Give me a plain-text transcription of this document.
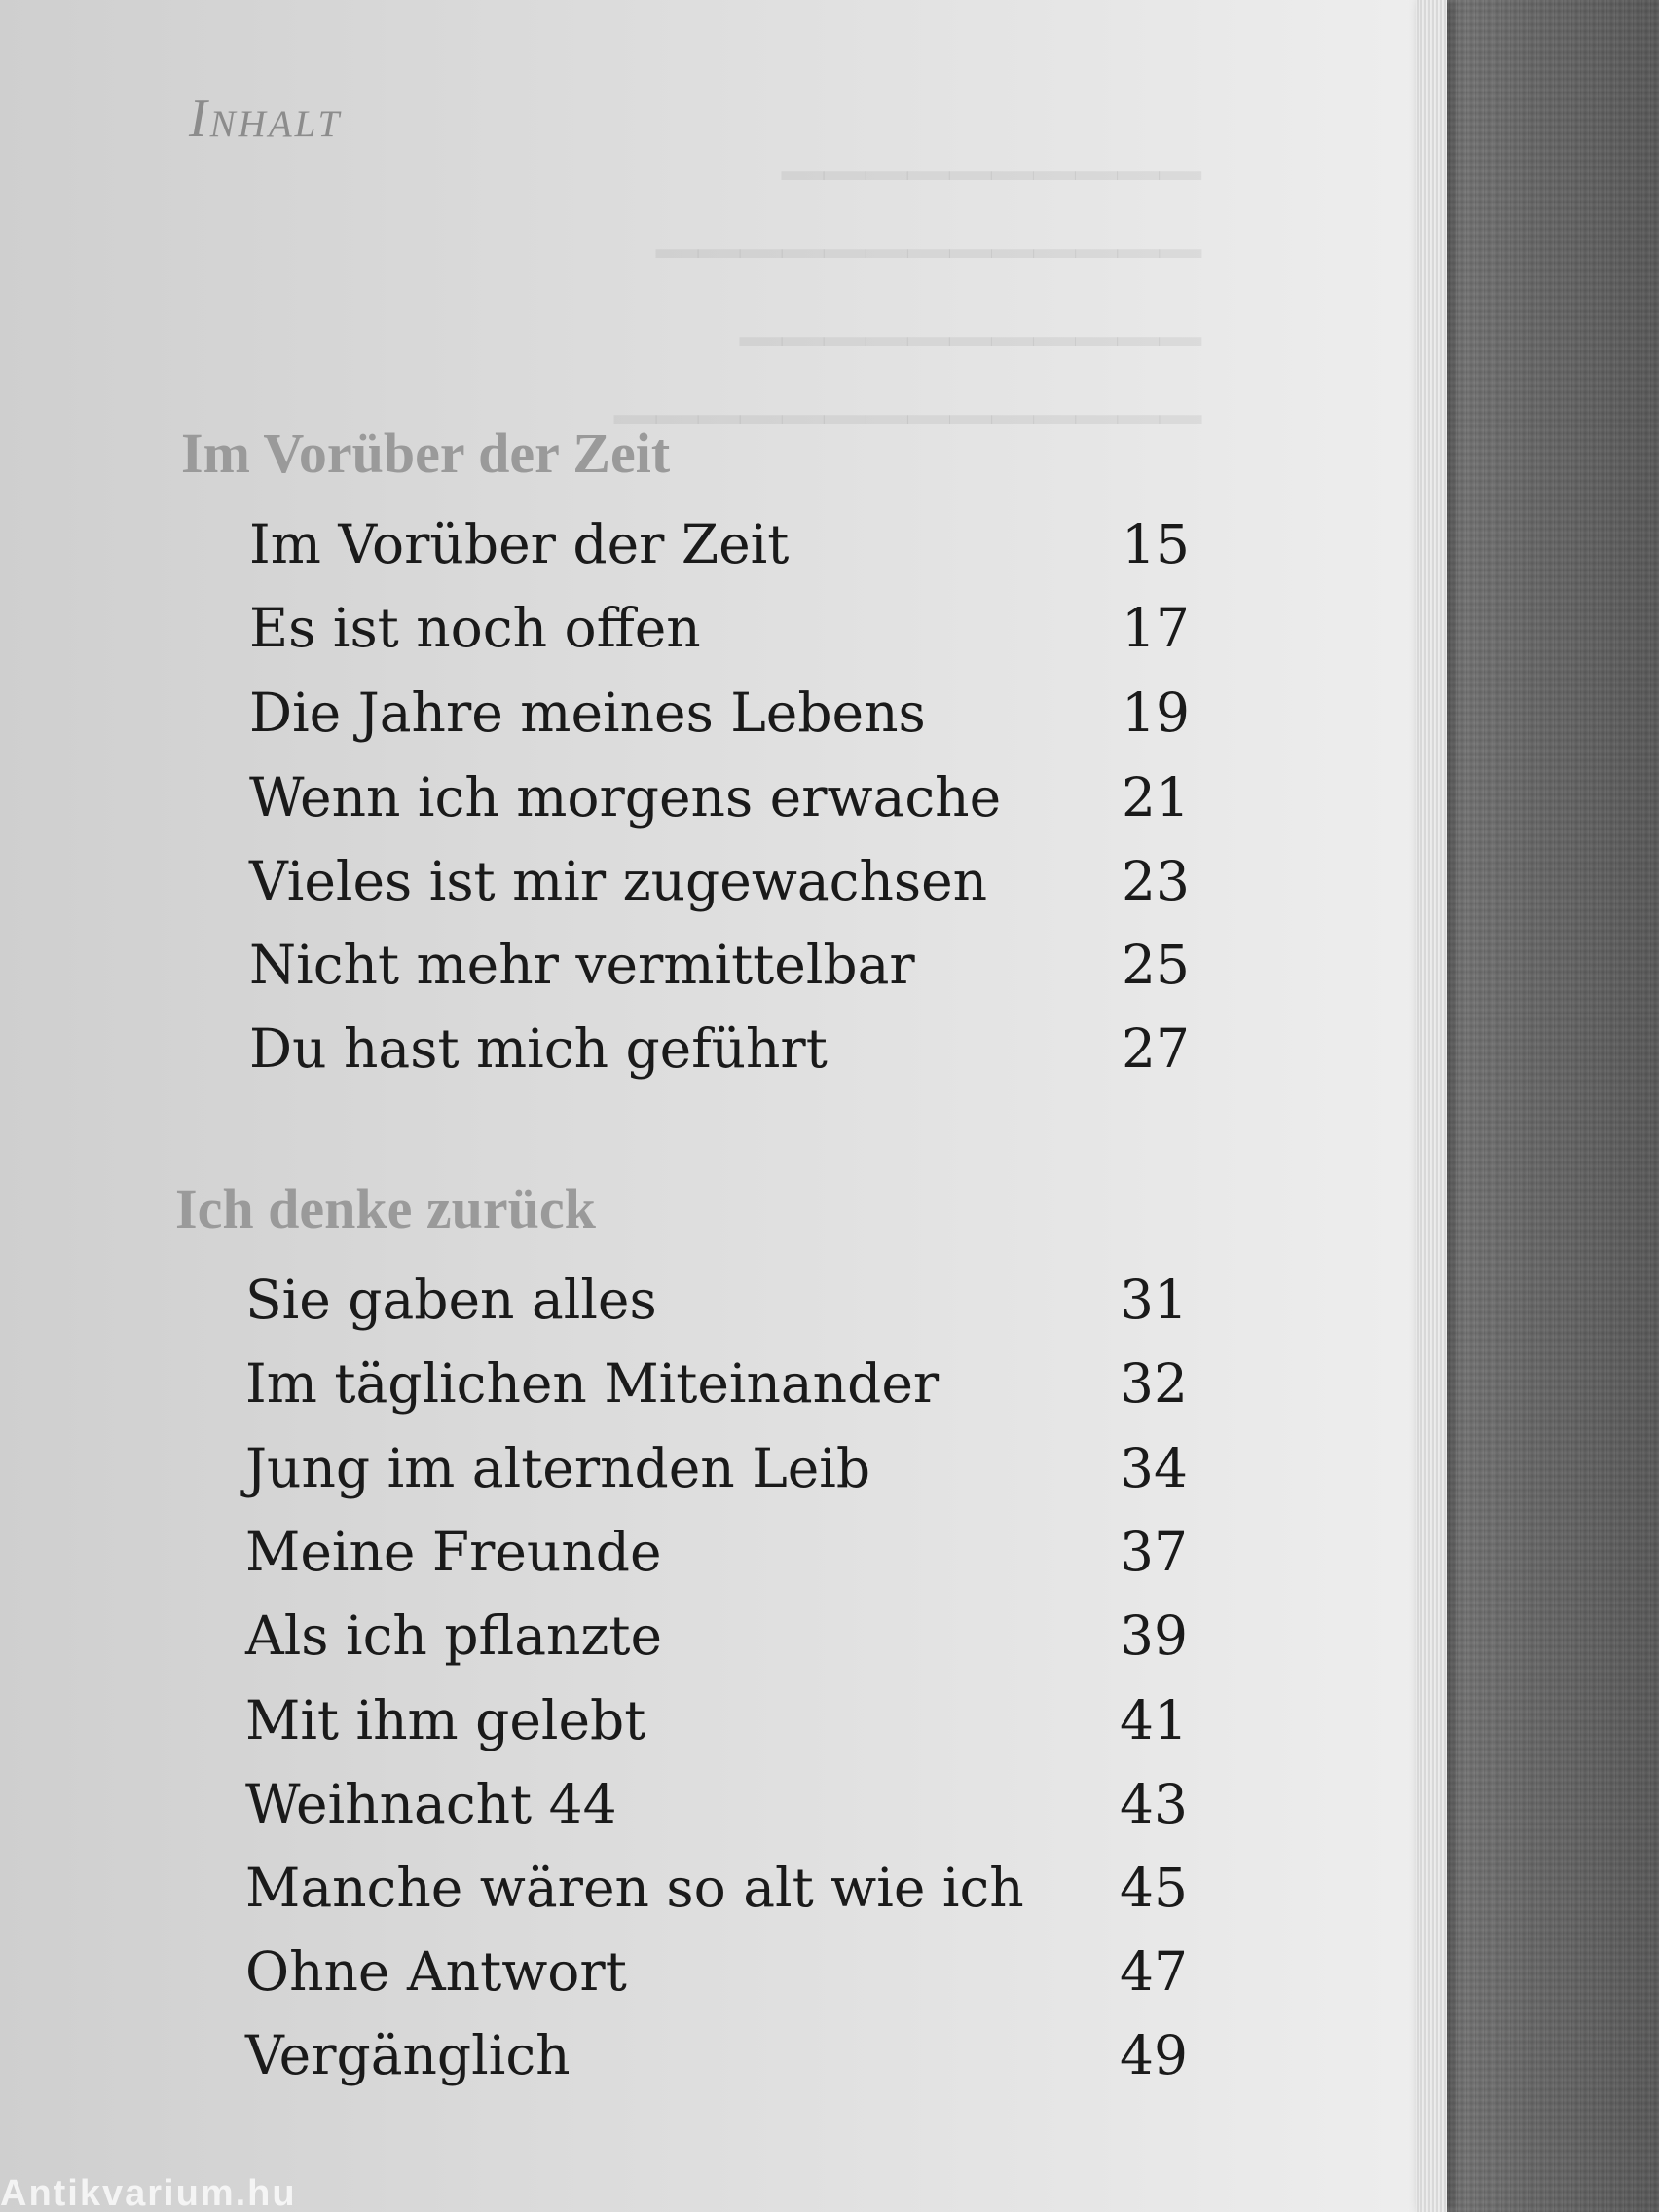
▁▁▁▁▁▁▁▁▁▁
▁▁▁▁▁▁▁▁▁▁▁▁▁
▁▁▁▁▁▁▁▁▁▁▁
▁▁▁▁▁▁▁▁▁▁▁▁▁▁
Inhalt
Im Vorüber der Zeit
Im Vorüber der Zeit	15
Es ist noch offen	17
Die Jahre meines Lebens	19
Wenn ich morgens erwache 21
Vieles ist mir zugewachsen	23
Nicht mehr vermittelbar	25
Du hast mich geführt	27
Ich denke zurück
Sie gaben alles	31
Im täglichen Miteinander	32
Jung im alternden Leib	34
Meine Freunde	37
Als ich pflanzte	39
Mit ihm gelebt	41
Weihnacht 44	43
Manche wären so alt wie ich 45
Ohne Antwort	47
Vergänglich	49
Antikvarium.hu
